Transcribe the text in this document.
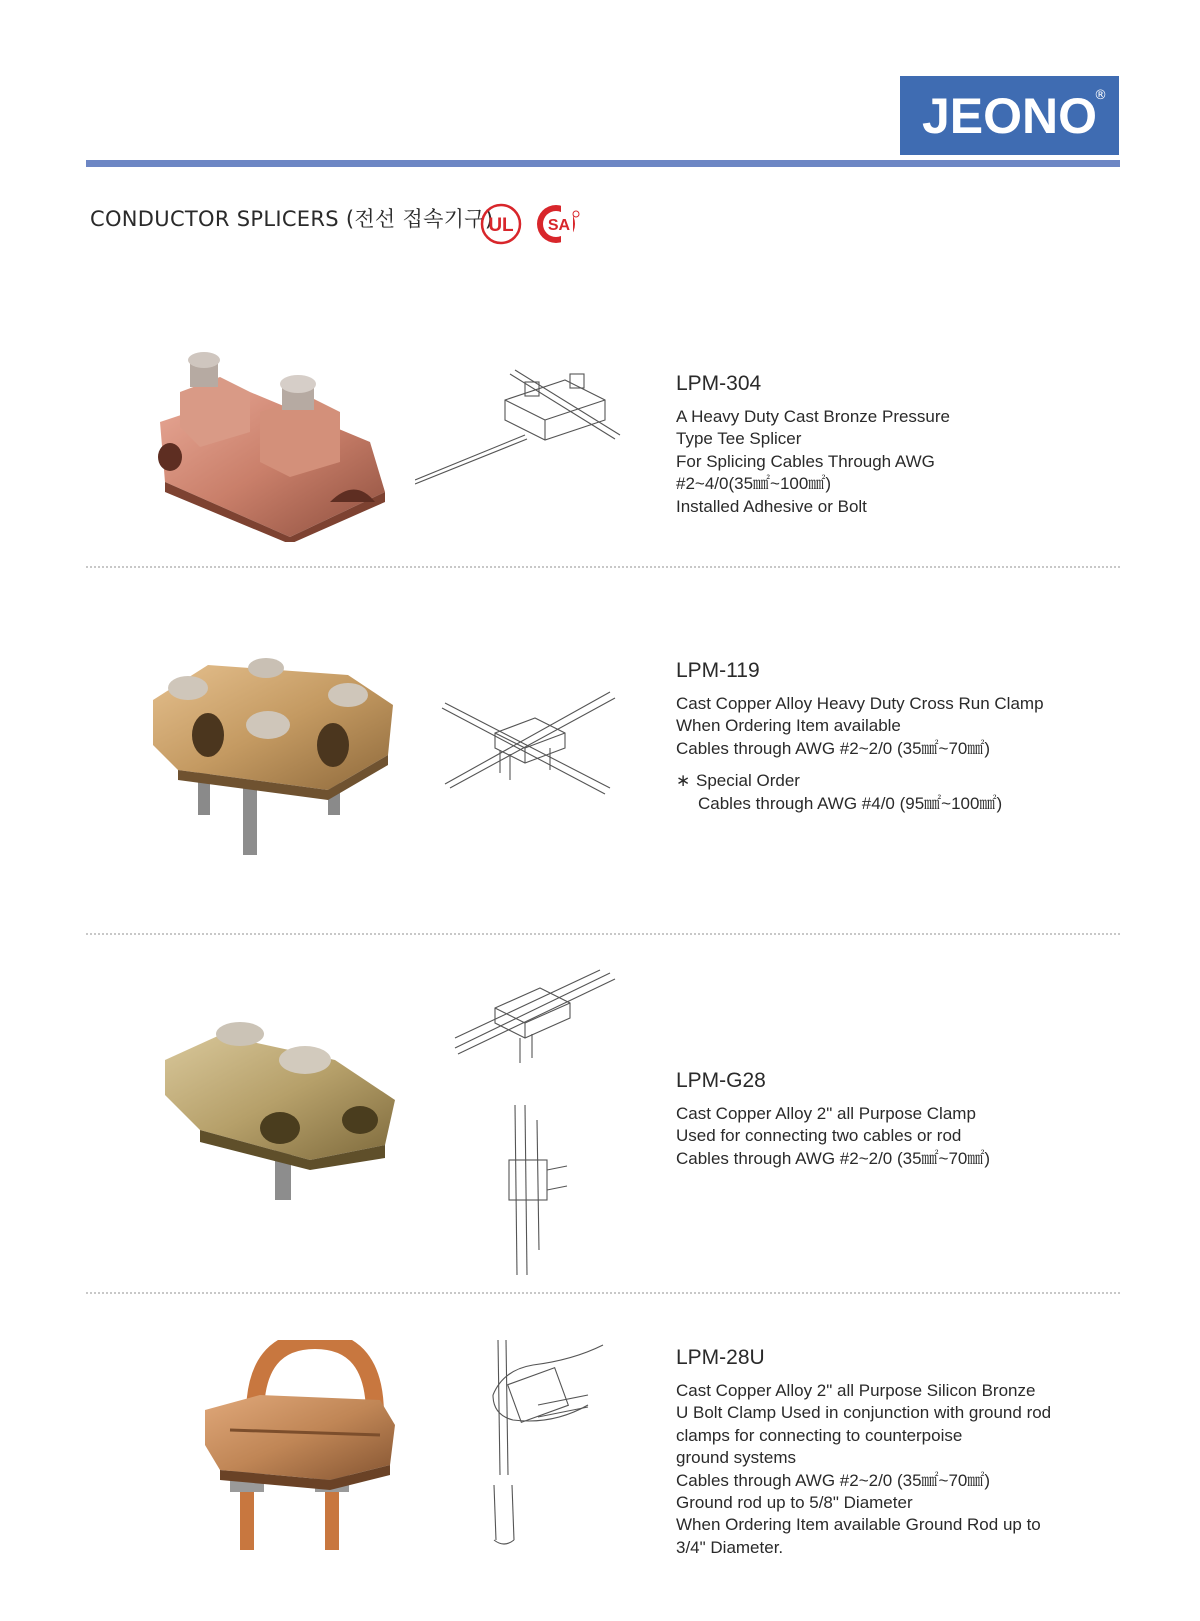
JEONO
®
CONDUCTOR SPLICERS (전선 접속기구)
UL SA
LPM-304
A Heavy Duty Cast Bronze Pressure
Type Tee Splicer
For Splicing Cables Through AWG
#2~4/0(35㎟~100㎟)
Installed Adhesive or Bolt
LPM-119
Cast Copper Alloy Heavy Duty Cross Run Clamp
When Ordering Item available
Cables through AWG #2~2/0 (35㎟~70㎟)
∗ Special Order
Cables through AWG #4/0 (95㎟~100㎟)
LPM-G28
Cast Copper Alloy 2" all Purpose Clamp
Used for connecting two cables or rod
Cables through AWG #2~2/0 (35㎟~70㎟)
LPM-28U
Cast Copper Alloy 2" all Purpose Silicon Bronze
U Bolt Clamp Used in conjunction with ground rod
clamps for connecting to counterpoise
ground systems
Cables through AWG #2~2/0 (35㎟~70㎟)
Ground rod up to 5/8" Diameter
When Ordering Item available Ground Rod up to
3/4" Diameter.
